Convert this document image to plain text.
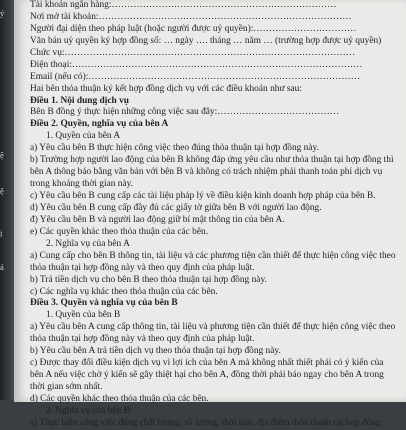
ý
ệ
ệ
ị
ả
Tài khoản ngân hàng:………………………………………………………………
Nơi mở tài khoản:………………………………………………………………………
Người đại diện theo pháp luật (hoặc người được uỷ quyền):……………………………
Văn bản uỷ quyền ký hợp đồng số: … ngày …. tháng … năm … (trường hợp được uỷ quyền)
Chức vụ:…………………………………………………………………………………
Điện thoại:…………………………………………………………………………………
Email (nếu có):……………………………………………………………………………
Hai bên thỏa thuận ký kết hợp đồng dịch vụ với các điều khoản như sau:
Điều 1. Nội dung dịch vụ
Bên B đồng ý thực hiện những công việc sau đây:…………………………………
Điều 2. Quyền, nghĩa vụ của bên A
1. Quyền của bên A
a) Yêu cầu bên B thực hiện công việc theo đúng thỏa thuận tại hợp đồng này.
b) Trường hợp người lao động của bên B không đáp ứng yêu cầu như thỏa thuận tại hợp đồng thì
bên A thông báo bằng văn bản với bên B và không có trách nhiệm phải thanh toán phí dịch vụ
trong khoảng thời gian này.
c) Yêu cầu bên B cung cấp các tài liệu pháp lý về điều kiện kinh doanh hợp pháp của bên B.
d) Yêu cầu bên B cung cấp đầy đủ các giấy tờ giữa bên B với người lao động.
đ) Yêu cầu bên B và người lao động giữ bí mật thông tin của bên A.
e) Các quyền khác theo thỏa thuận của các bên.
2. Nghĩa vụ của bên A
a) Cung cấp cho bên B thông tin, tài liệu và các phương tiện cần thiết để thực hiện công việc theo
thỏa thuận tại hợp đồng này và theo quy định của pháp luật.
b) Trả tiền dịch vụ cho bên B theo thỏa thuận tại hợp đồng này.
c) Các nghĩa vụ khác theo thỏa thuận của các bên.
Điều 3. Quyền và nghĩa vụ của bên B
1. Quyền của bên B
a) Yêu cầu bên A cung cấp thông tin, tài liệu và phương tiện cần thiết để thực hiện công việc theo
thỏa thuận tại hợp đồng này và theo quy định của pháp luật.
b) Yêu cầu bên A trả tiền dịch vụ theo thỏa thuận tại hợp đồng này.
c) Được thay đổi điều kiện dịch vụ vì lợi ích của bên A mà không nhất thiết phải có ý kiến của
bên A nếu việc chờ ý kiến sẽ gây thiệt hại cho bên A, đồng thời phải báo ngay cho bên A trong
thời gian sớm nhất.
d) Các quyền khác theo thỏa thuận của các bên.
2. Nghĩa vụ của bên B:
a) Thực hiện công việc đúng chất lượng, số lượng, thời hạn, địa điểm thỏa thuận tại hợp đồng
